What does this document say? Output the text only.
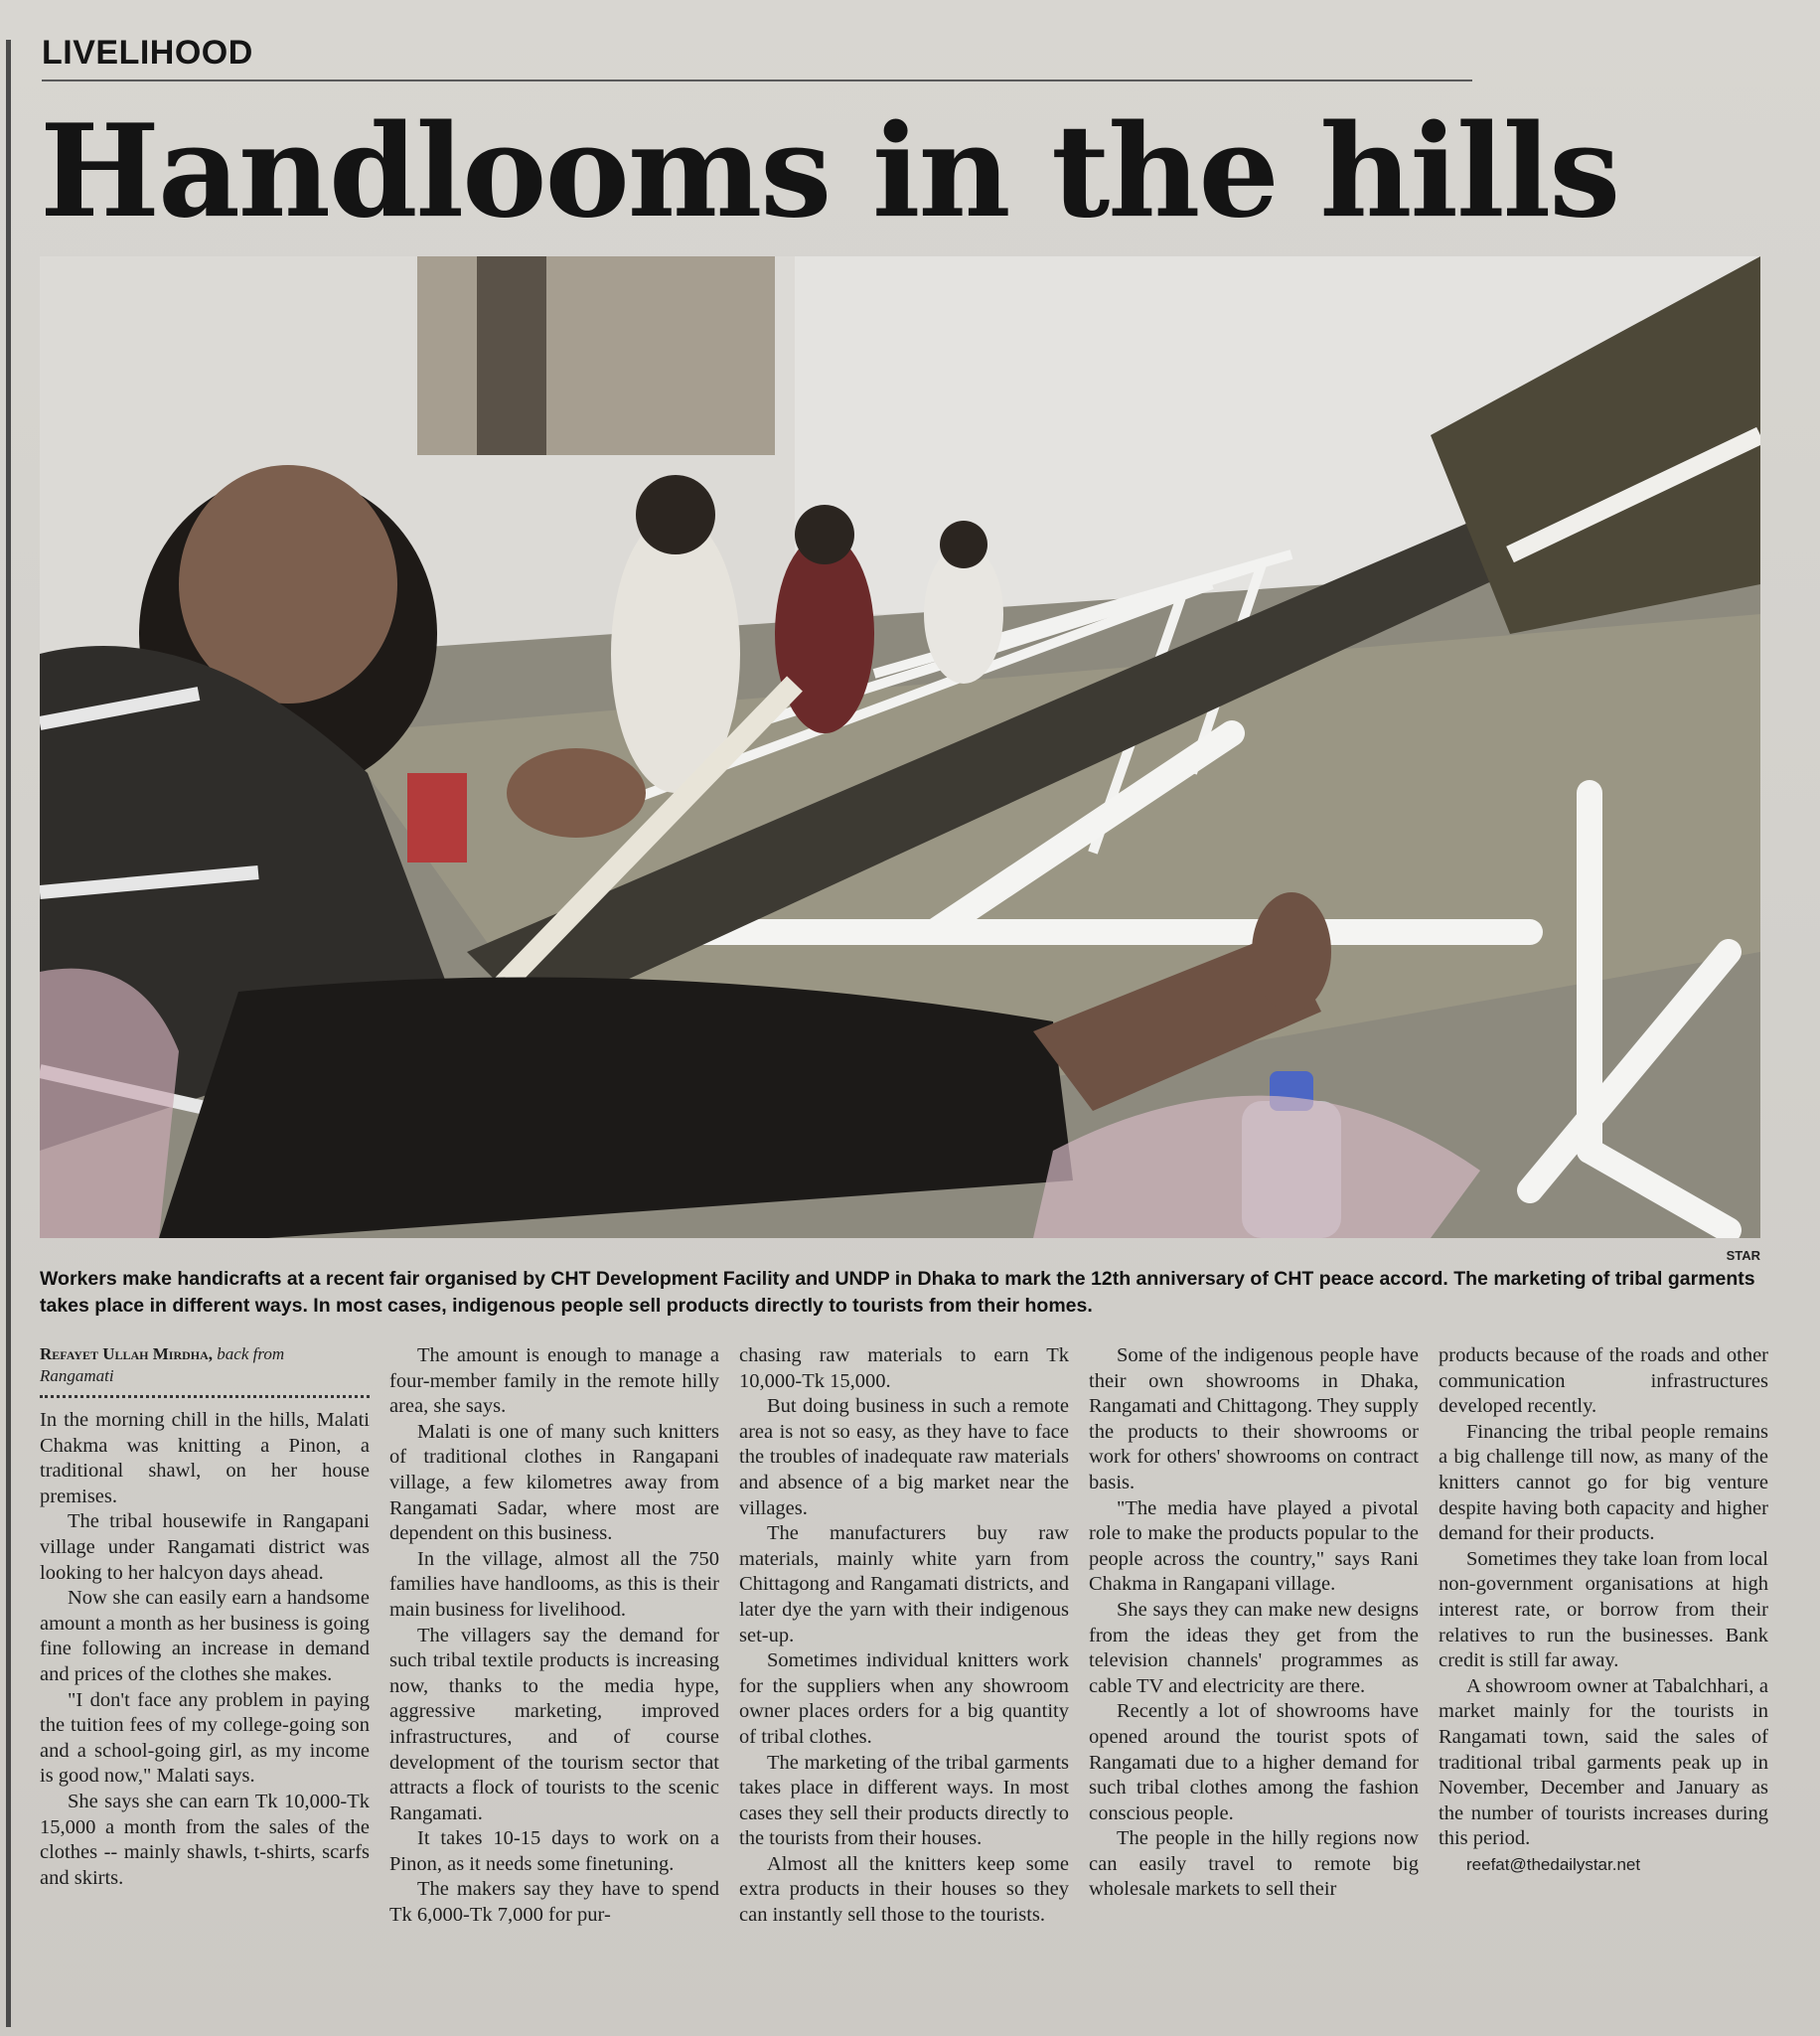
LIVELIHOOD
Handlooms in the hills
STAR
Workers make handicrafts at a recent fair organised by CHT Development Facility and UNDP in Dhaka to mark the 12th anniversary of CHT peace accord. The marketing of tribal garments takes place in different ways. In most cases, indigenous people sell products directly to tourists from their homes.
Refayet Ullah Mirdha, back from
Rangamati

In the morning chill in the hills, Malati Chakma was knitting a Pinon, a traditional shawl, on her house premises.

The tribal housewife in Rangapani village under Rangamati district was looking to her halcyon days ahead.

Now she can easily earn a handsome amount a month as her business is going fine following an increase in demand and prices of the clothes she makes.

"I don't face any problem in paying the tuition fees of my college-going son and a school-going girl, as my income is good now," Malati says.

She says she can earn Tk 10,000-Tk 15,000 a month from the sales of the clothes -- mainly shawls, t-shirts, scarfs and skirts.

The amount is enough to manage a four-member family in the remote hilly area, she says.

Malati is one of many such knitters of traditional clothes in Rangapani village, a few kilometres away from Rangamati Sadar, where most are dependent on this business.

In the village, almost all the 750 families have handlooms, as this is their main business for livelihood.

The villagers say the demand for such tribal textile products is increasing now, thanks to the media hype, aggressive marketing, improved infrastructures, and of course development of the tourism sector that attracts a flock of tourists to the scenic Rangamati.

It takes 10-15 days to work on a Pinon, as it needs some finetuning.

The makers say they have to spend Tk 6,000-Tk 7,000 for pur-

chasing raw materials to earn Tk 10,000-Tk 15,000.

But doing business in such a remote area is not so easy, as they have to face the troubles of inadequate raw materials and absence of a big market near the villages.

The manufacturers buy raw materials, mainly white yarn from Chittagong and Rangamati districts, and later dye the yarn with their indigenous set-up.

Sometimes individual knitters work for the suppliers when any showroom owner places orders for a big quantity of tribal clothes.

The marketing of the tribal garments takes place in different ways. In most cases they sell their products directly to the tourists from their houses.

Almost all the knitters keep some extra products in their houses so they can instantly sell those to the tourists.

Some of the indigenous people have their own showrooms in Dhaka, Rangamati and Chittagong. They supply the products to their showrooms or work for others' showrooms on contract basis.

"The media have played a pivotal role to make the products popular to the people across the country," says Rani Chakma in Rangapani village.

She says they can make new designs from the ideas they get from the television channels' programmes as cable TV and electricity are there.

Recently a lot of showrooms have opened around the tourist spots of Rangamati due to a higher demand for such tribal clothes among the fashion conscious people.

The people in the hilly regions now can easily travel to remote big wholesale markets to sell their

products because of the roads and other communication infrastructures developed recently.

Financing the tribal people remains a big challenge till now, as many of the knitters cannot go for big venture despite having both capacity and higher demand for their products.

Sometimes they take loan from local non-government organisations at high interest rate, or borrow from their relatives to run the businesses. Bank credit is still far away.

A showroom owner at Tabalchhari, a market mainly for the tourists in Rangamati town, said the sales of traditional tribal garments peak up in November, December and January as the number of tourists increases during this period.

reefat@thedailystar.net
